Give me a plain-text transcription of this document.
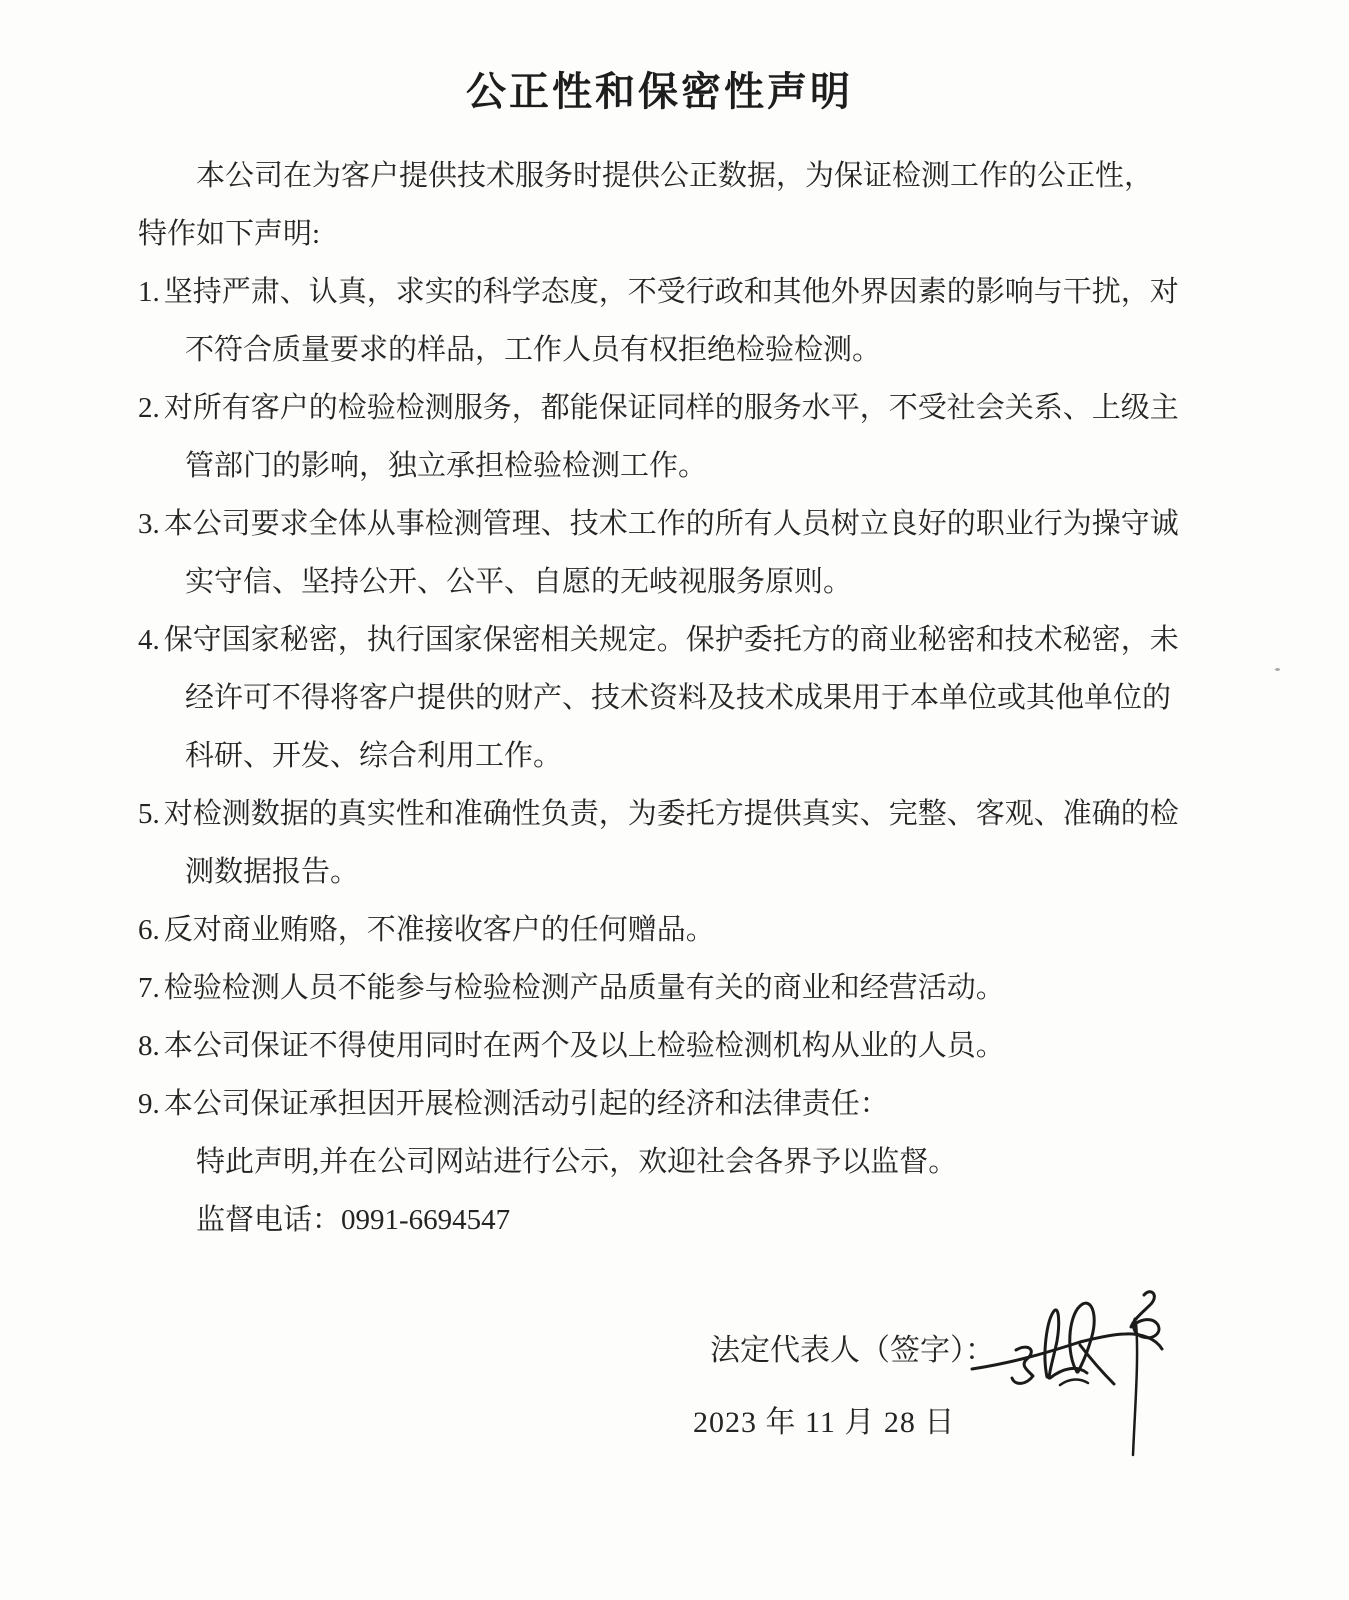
公正性和保密性声明

本公司在为客户提供技术服务时提供公正数据，为保证检测工作的公正性，特作如下声明:

1. 坚持严肃、认真，求实的科学态度，不受行政和其他外界因素的影响与干扰，对不符合质量要求的样品，工作人员有权拒绝检验检测。

2. 对所有客户的检验检测服务，都能保证同样的服务水平，不受社会关系、上级主管部门的影响，独立承担检验检测工作。

3. 本公司要求全体从事检测管理、技术工作的所有人员树立良好的职业行为操守诚实守信、坚持公开、公平、自愿的无岐视服务原则。

4. 保守国家秘密，执行国家保密相关规定。保护委托方的商业秘密和技术秘密，未经许可不得将客户提供的财产、技术资料及技术成果用于本单位或其他单位的科研、开发、综合利用工作。

5. 对检测数据的真实性和准确性负责，为委托方提供真实、完整、客观、准确的检测数据报告。

6. 反对商业贿赂，不准接收客户的任何赠品。

7. 检验检测人员不能参与检验检测产品质量有关的商业和经营活动。

8. 本公司保证不得使用同时在两个及以上检验检测机构从业的人员。

9. 本公司保证承担因开展检测活动引起的经济和法律责任：

特此声明,并在公司网站进行公示，欢迎社会各界予以监督。

监督电话：0991-6694547

法定代表人（签字）：
2023 年 11 月 28 日
